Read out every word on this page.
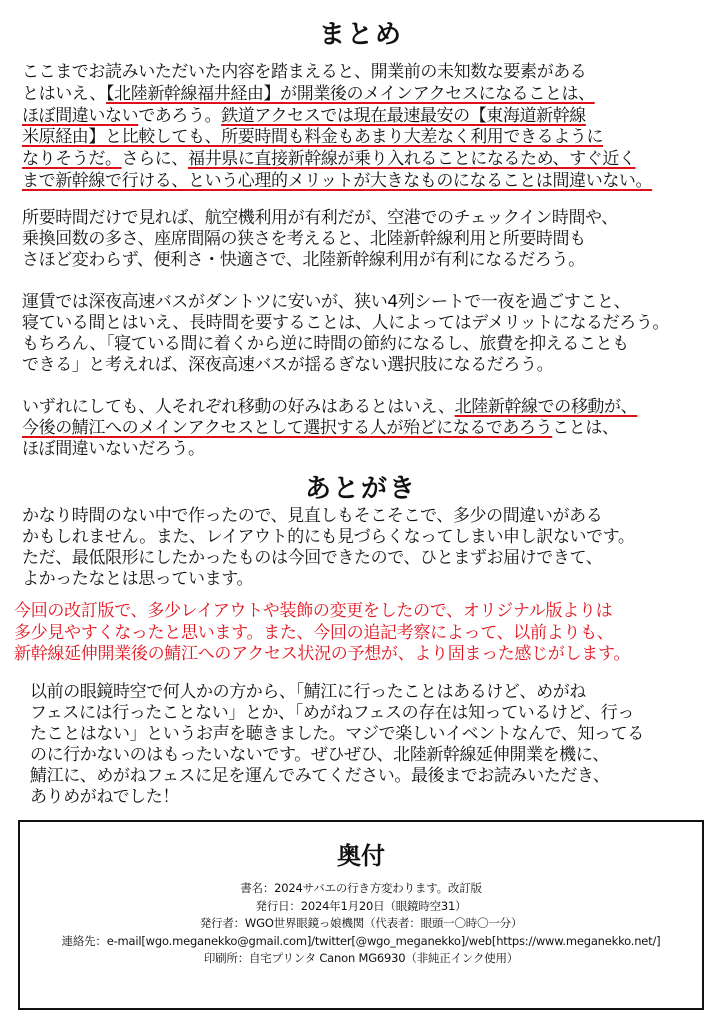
まとめ
ここまでお読みいただいた内容を踏まえると、開業前の未知数な要素がある
とはいえ、【北陸新幹線福井経由】が開業後のメインアクセスになることは、
ほぼ間違いないであろう。鉄道アクセスでは現在最速最安の【東海道新幹線
米原経由】と比較しても、所要時間も料金もあまり大差なく利用できるように
なりそうだ。さらに、福井県に直接新幹線が乗り入れることになるため、すぐ近く
まで新幹線で行ける、という心理的メリットが大きなものになることは間違いない。
所要時間だけで見れば、航空機利用が有利だが、空港でのチェックイン時間や、
乗換回数の多さ、座席間隔の狭さを考えると、北陸新幹線利用と所要時間も
さほど変わらず、便利さ・快適さで、北陸新幹線利用が有利になるだろう。
運賃では深夜高速バスがダントツに安いが、狭い4列シートで一夜を過ごすこと、
寝ている間とはいえ、長時間を要することは、人によってはデメリットになるだろう。
もちろん、「寝ている間に着くから逆に時間の節約になるし、旅費を抑えることも
できる」と考えれば、深夜高速バスが揺るぎない選択肢になるだろう。
いずれにしても、人それぞれ移動の好みはあるとはいえ、北陸新幹線での移動が、
今後の鯖江へのメインアクセスとして選択する人が殆どになるであろうことは、
ほぼ間違いないだろう。
あとがき
かなり時間のない中で作ったので、見直しもそこそこで、多少の間違いがある
かもしれません。また、レイアウト的にも見づらくなってしまい申し訳ないです。
ただ、最低限形にしたかったものは今回できたので、ひとまずお届けできて、
よかったなとは思っています。
今回の改訂版で、多少レイアウトや装飾の変更をしたので、オリジナル版よりは
多少見やすくなったと思います。また、今回の追記考察によって、以前よりも、
新幹線延伸開業後の鯖江へのアクセス状況の予想が、より固まった感じがします。
以前の眼鏡時空で何人かの方から、「鯖江に行ったことはあるけど、めがね
フェスには行ったことない」とか、「めがねフェスの存在は知っているけど、行っ
たことはない」というお声を聴きました。マジで楽しいイベントなんで、知ってる
のに行かないのはもったいないです。ぜひぜひ、北陸新幹線延伸開業を機に、
鯖江に、めがねフェスに足を運んでみてください。最後までお読みいただき、
ありめがねでした！
奥付
書名：2024サバエの行き方変わります。改訂版
発行日：2024年1月20日（眼鏡時空31）
発行者：WGO世界眼鏡っ娘機関（代表者：眼頭一〇時〇一分）
連絡先：e-mail[wgo.meganekko@gmail.com]/twitter[@wgo_meganekko]/web[https://www.meganekko.net/]
印刷所：自宅プリンタ Canon MG6930（非純正インク使用）
